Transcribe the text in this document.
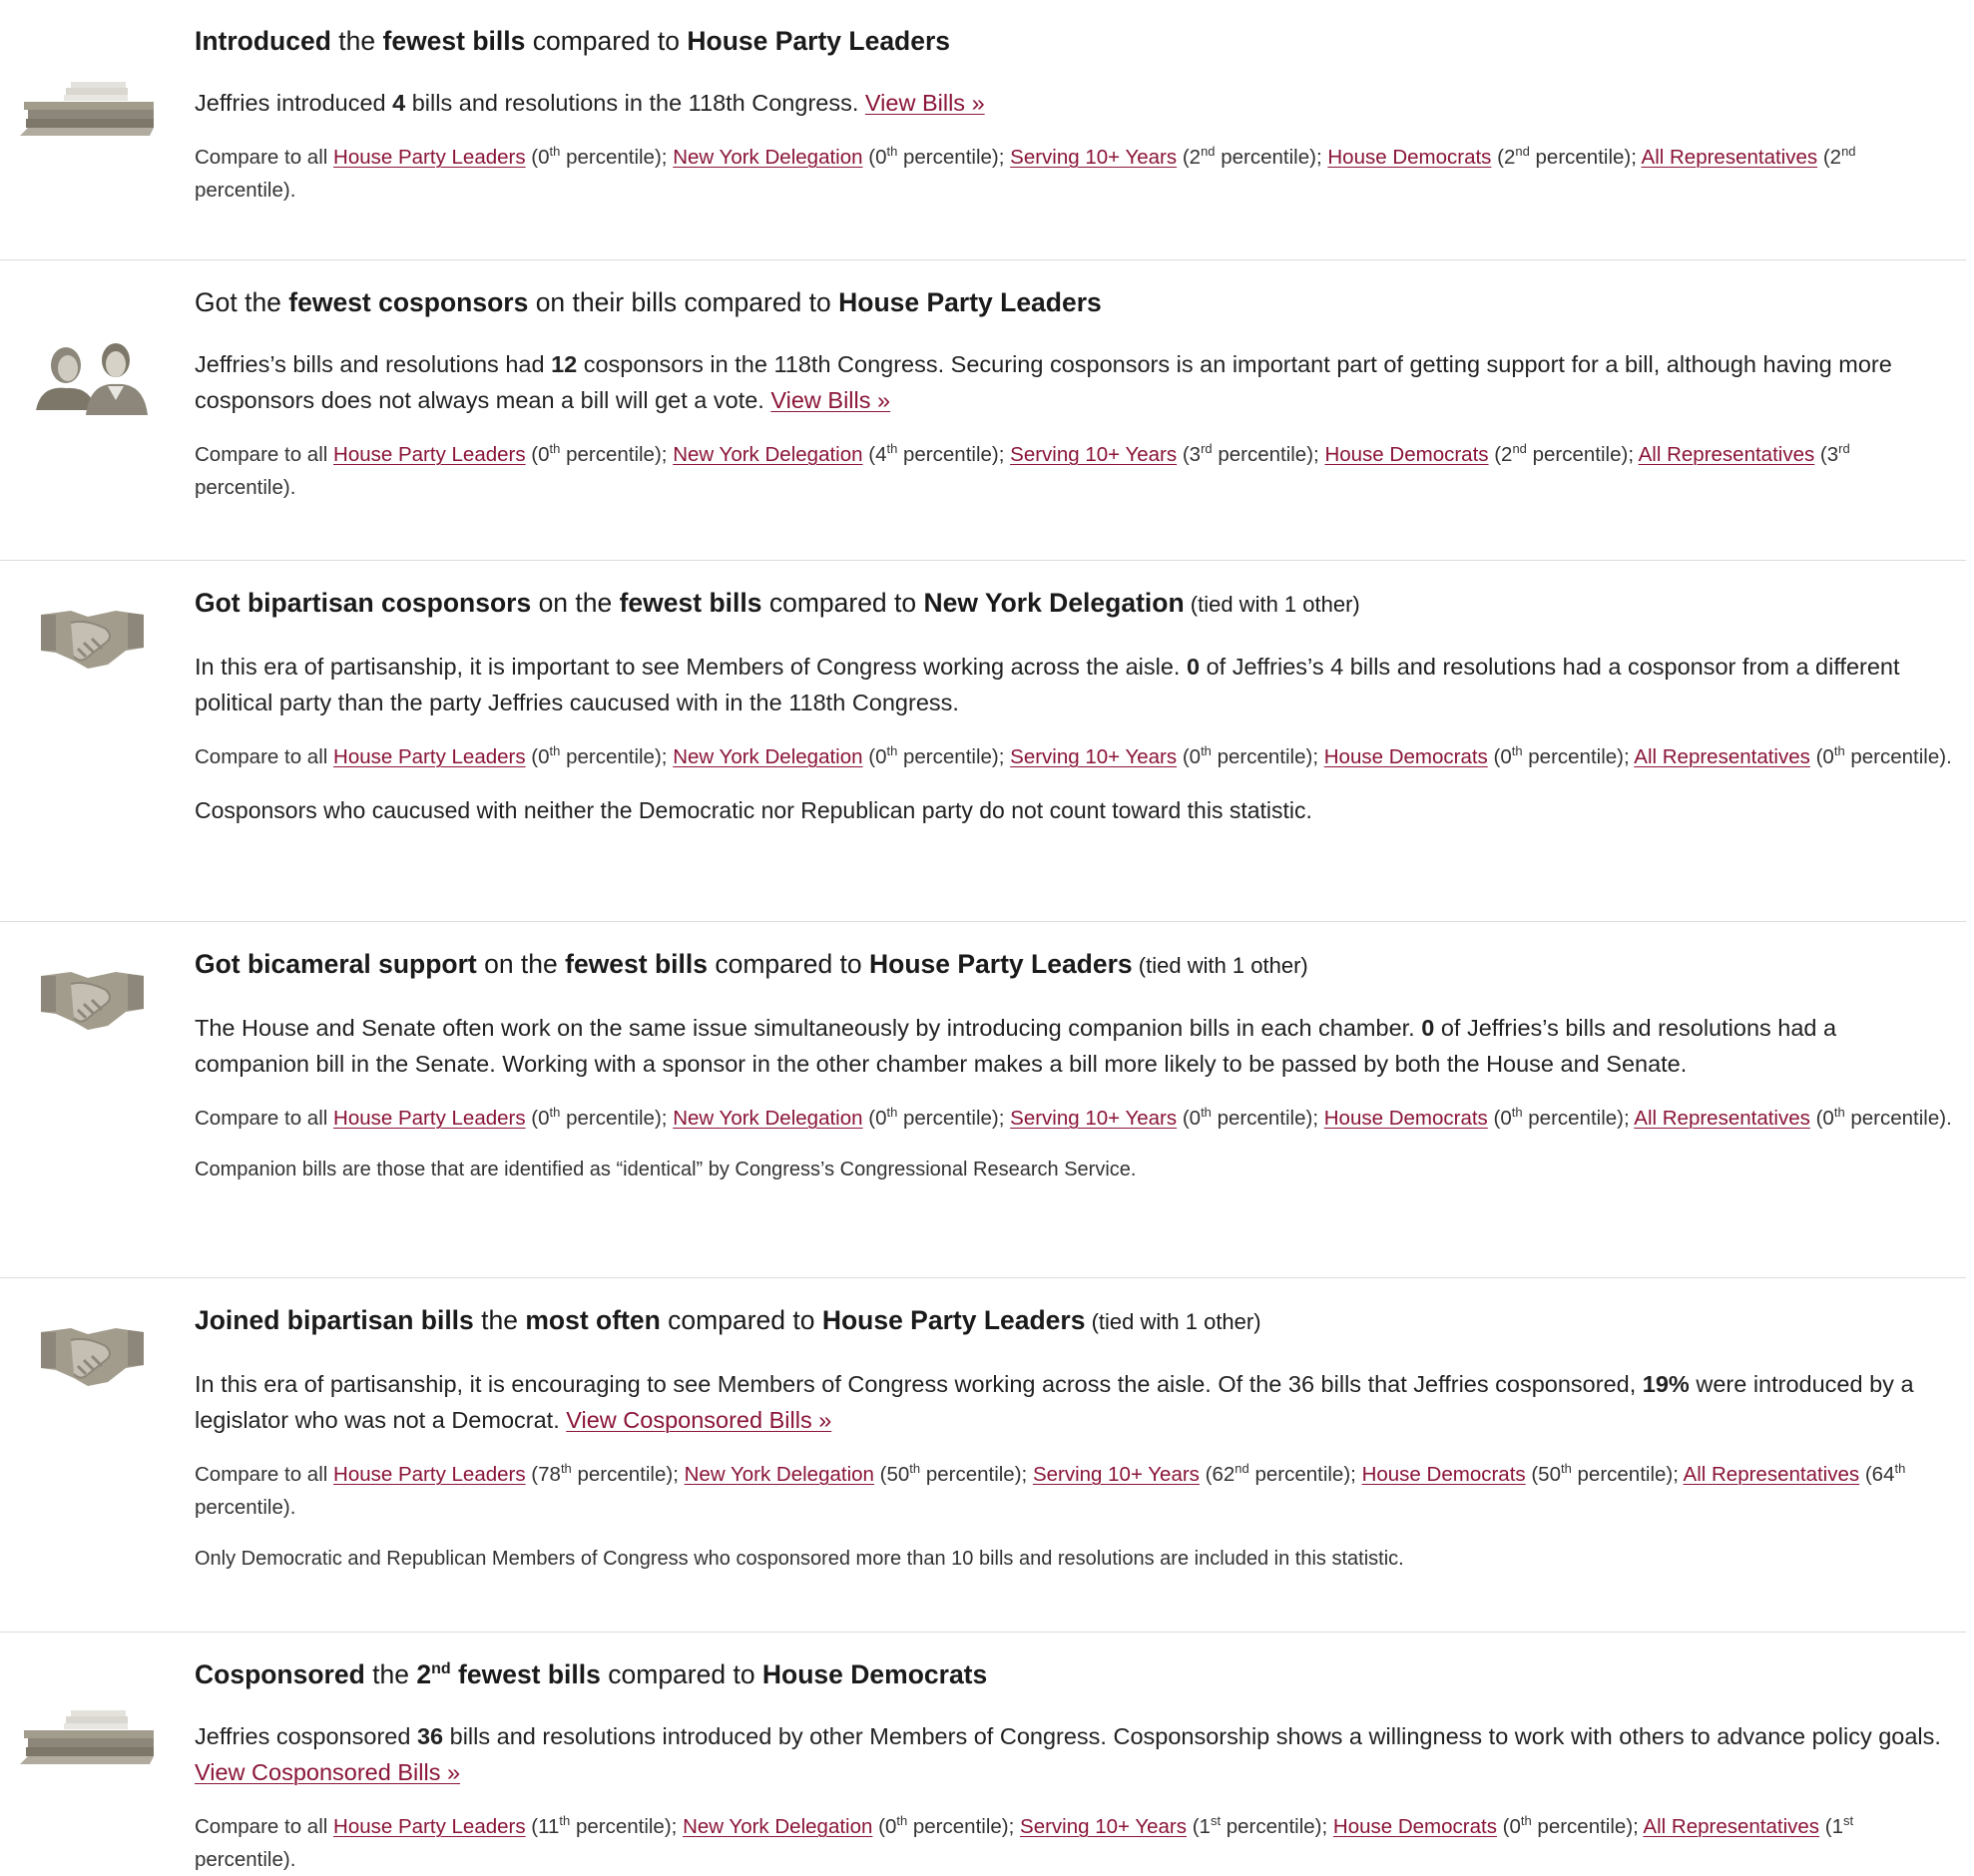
Introduced the fewest bills compared to House Party Leaders

Jeffries introduced 4 bills and resolutions in the 118th Congress. View Bills »

Compare to all House Party Leaders (0th percentile); New York Delegation (0th percentile); Serving 10+ Years (2nd percentile); House Democrats (2nd percentile); All Representatives (2nd percentile).

Got the fewest cosponsors on their bills compared to House Party Leaders

Jeffries’s bills and resolutions had 12 cosponsors in the 118th Congress. Securing cosponsors is an important part of getting support for a bill, although having more cosponsors does not always mean a bill will get a vote. View Bills »

Compare to all House Party Leaders (0th percentile); New York Delegation (4th percentile); Serving 10+ Years (3rd percentile); House Democrats (2nd percentile); All Representatives (3rd percentile).

Got bipartisan cosponsors on the fewest bills compared to New York Delegation (tied with 1 other)

In this era of partisanship, it is important to see Members of Congress working across the aisle. 0 of Jeffries’s 4 bills and resolutions had a cosponsor from a different political party than the party Jeffries caucused with in the 118th Congress.

Compare to all House Party Leaders (0th percentile); New York Delegation (0th percentile); Serving 10+ Years (0th percentile); House Democrats (0th percentile); All Representatives (0th percentile).

Cosponsors who caucused with neither the Democratic nor Republican party do not count toward this statistic.

Got bicameral support on the fewest bills compared to House Party Leaders (tied with 1 other)

The House and Senate often work on the same issue simultaneously by introducing companion bills in each chamber. 0 of Jeffries’s bills and resolutions had a companion bill in the Senate. Working with a sponsor in the other chamber makes a bill more likely to be passed by both the House and Senate.

Compare to all House Party Leaders (0th percentile); New York Delegation (0th percentile); Serving 10+ Years (0th percentile); House Democrats (0th percentile); All Representatives (0th percentile).

Companion bills are those that are identified as “identical” by Congress’s Congressional Research Service.

Joined bipartisan bills the most often compared to House Party Leaders (tied with 1 other)

In this era of partisanship, it is encouraging to see Members of Congress working across the aisle. Of the 36 bills that Jeffries cosponsored, 19% were introduced by a legislator who was not a Democrat. View Cosponsored Bills »

Compare to all House Party Leaders (78th percentile); New York Delegation (50th percentile); Serving 10+ Years (62nd percentile); House Democrats (50th percentile); All Representatives (64th percentile).

Only Democratic and Republican Members of Congress who cosponsored more than 10 bills and resolutions are included in this statistic.

Cosponsored the 2nd fewest bills compared to House Democrats

Jeffries cosponsored 36 bills and resolutions introduced by other Members of Congress. Cosponsorship shows a willingness to work with others to advance policy goals. View Cosponsored Bills »

Compare to all House Party Leaders (11th percentile); New York Delegation (0th percentile); Serving 10+ Years (1st percentile); House Democrats (0th percentile); All Representatives (1st percentile).
